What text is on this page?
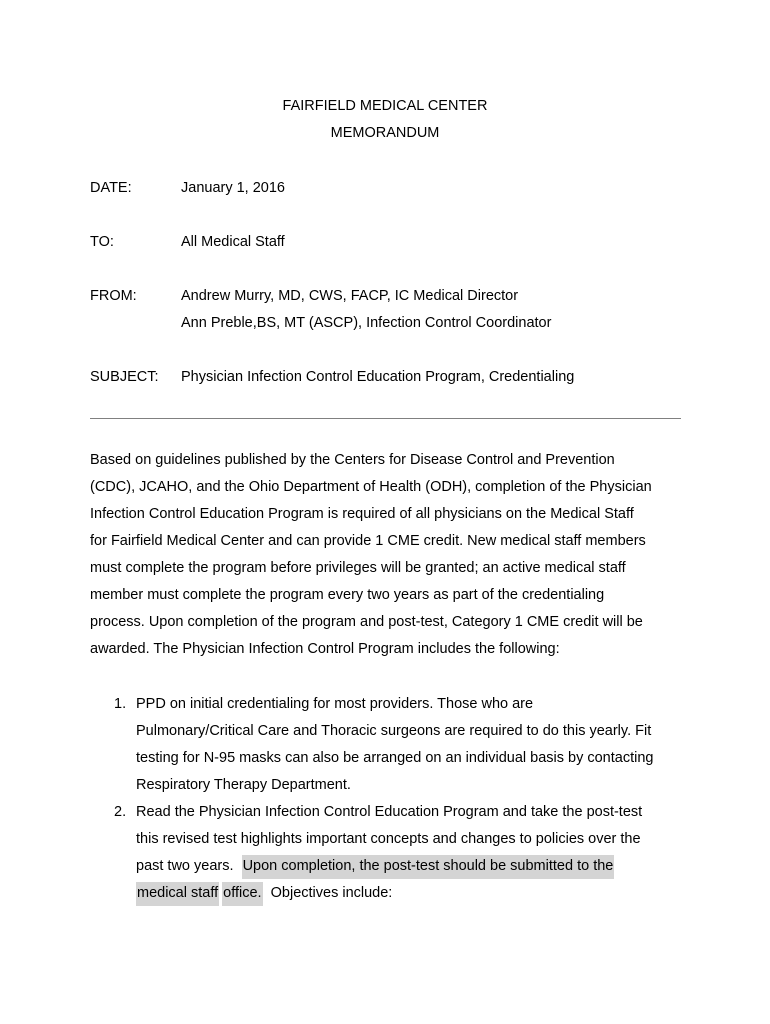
FAIRFIELD MEDICAL CENTER
MEMORANDUM
DATE:	January 1, 2016
TO:	All Medical Staff
FROM:	Andrew Murry, MD, CWS, FACP, IC Medical Director
Ann Preble,BS, MT (ASCP), Infection Control Coordinator
SUBJECT: Physician Infection Control Education Program, Credentialing
Based on guidelines published by the Centers for Disease Control and Prevention
(CDC), JCAHO, and the Ohio Department of Health (ODH), completion of the Physician
Infection Control Education Program is required of all physicians on the Medical Staff
for Fairfield Medical Center and can provide 1 CME credit. New medical staff members
must complete the program before privileges will be granted; an active medical staff
member must complete the program every two years as part of the credentialing
process. Upon completion of the program and post-test, Category 1 CME credit will be
awarded. The Physician Infection Control Program includes the following:
1. PPD on initial credentialing for most providers. Those who are
Pulmonary/Critical Care and Thoracic surgeons are required to do this yearly. Fit
testing for N-95 masks can also be arranged on an individual basis by contacting
Respiratory Therapy Department.
2. Read the Physician Infection Control Education Program and take the post-test
this revised test highlights important concepts and changes to policies over the
past two years.  Upon completion, the post-test should be submitted to the
medical staff office.  Objectives include:
